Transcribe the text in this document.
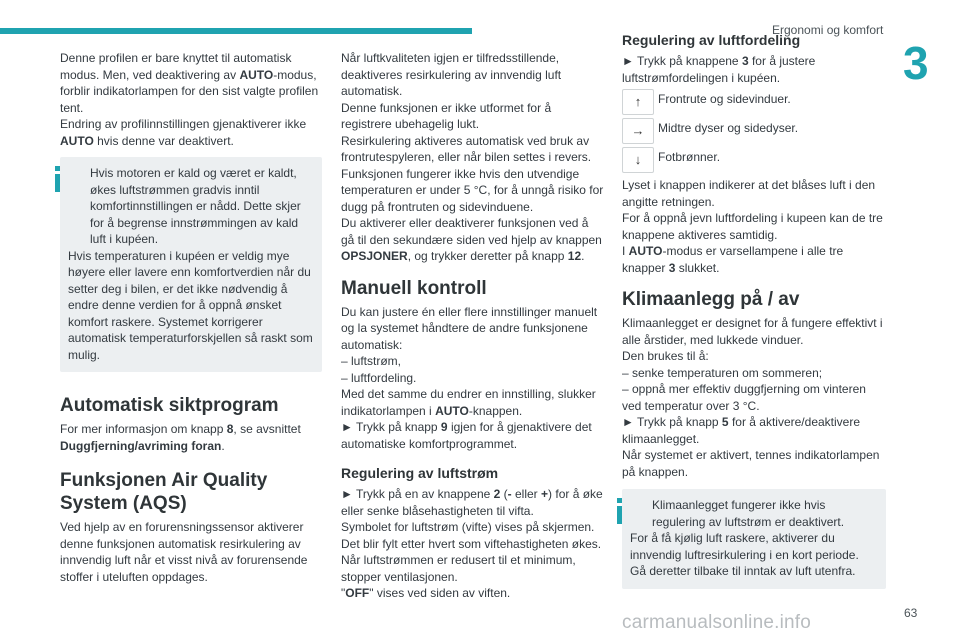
Ergonomi og komfort
3

Denne profilen er bare knyttet til automatisk modus. Men, ved deaktivering av AUTO-modus, forblir indikatorlampen for den sist valgte profilen tent.

Endring av profilinnstillingen gjenaktiverer ikke AUTO hvis denne var deaktivert.

Hvis motoren er kald og været er kaldt, økes luftstrømmen gradvis inntil komfortinnstillingen er nådd. Dette skjer for å begrense innstrømmingen av kald luft i kupéen.

Hvis temperaturen i kupéen er veldig mye høyere eller lavere enn komfortverdien når du setter deg i bilen, er det ikke nødvendig å endre denne verdien for å oppnå ønsket komfort raskere. Systemet korrigerer automatisk temperaturforskjellen så raskt som mulig.

Automatisk siktprogram

For mer informasjon om knapp 8, se avsnittet Duggfjerning/avriming foran.

Funksjonen Air Quality System (AQS)

Ved hjelp av en forurensningssensor aktiverer denne funksjonen automatisk resirkulering av innvendig luft når et visst nivå av forurensende stoffer i uteluften oppdages.

Når luftkvaliteten igjen er tilfredsstillende, deaktiveres resirkulering av innvendig luft automatisk.

Denne funksjonen er ikke utformet for å registrere ubehagelig lukt.

Resirkulering aktiveres automatisk ved bruk av frontrutespyleren, eller når bilen settes i revers.

Funksjonen fungerer ikke hvis den utvendige temperaturen er under 5 °C, for å unngå risiko for dugg på frontruten og sidevinduene.

Du aktiverer eller deaktiverer funksjonen ved å gå til den sekundære siden ved hjelp av knappen OPSJONER, og trykker deretter på knapp 12.

Manuell kontroll

Du kan justere én eller flere innstillinger manuelt og la systemet håndtere de andre funksjonene automatisk:

– luftstrøm,

– luftfordeling.

Med det samme du endrer en innstilling, slukker indikatorlampen i AUTO-knappen.

► Trykk på knapp 9 igjen for å gjenaktivere det automatiske komfortprogrammet.

Regulering av luftstrøm

► Trykk på en av knappene 2 (- eller +) for å øke eller senke blåsehastigheten til vifta.

Symbolet for luftstrøm (vifte) vises på skjermen. Det blir fylt etter hvert som viftehastigheten økes.

Når luftstrømmen er redusert til et minimum, stopper ventilasjonen.

"OFF" vises ved siden av viften.

Regulering av luftfordeling

► Trykk på knappene 3 for å justere luftstrømfordelingen i kupéen.

↑	Frontrute og sidevinduer.

→	Midtre dyser og sidedyser.

↓	Fotbrønner.

Lyset i knappen indikerer at det blåses luft i den angitte retningen.

For å oppnå jevn luftfordeling i kupeen kan de tre knappene aktiveres samtidig.

I AUTO-modus er varsellampene i alle tre knapper 3 slukket.

Klimaanlegg på / av

Klimaanlegget er designet for å fungere effektivt i alle årstider, med lukkede vinduer.

Den brukes til å:

– senke temperaturen om sommeren;

– oppnå mer effektiv duggfjerning om vinteren ved temperatur over 3 °C.

► Trykk på knapp 5 for å aktivere/deaktivere klimaanlegget.

Når systemet er aktivert, tennes indikatorlampen på knappen.

Klimaanlegget fungerer ikke hvis regulering av luftstrøm er deaktivert.

For å få kjølig luft raskere, aktiverer du innvendig luftresirkulering i en kort periode. Gå deretter tilbake til inntak av luft utenfra.

63
carmanualsonline.info
